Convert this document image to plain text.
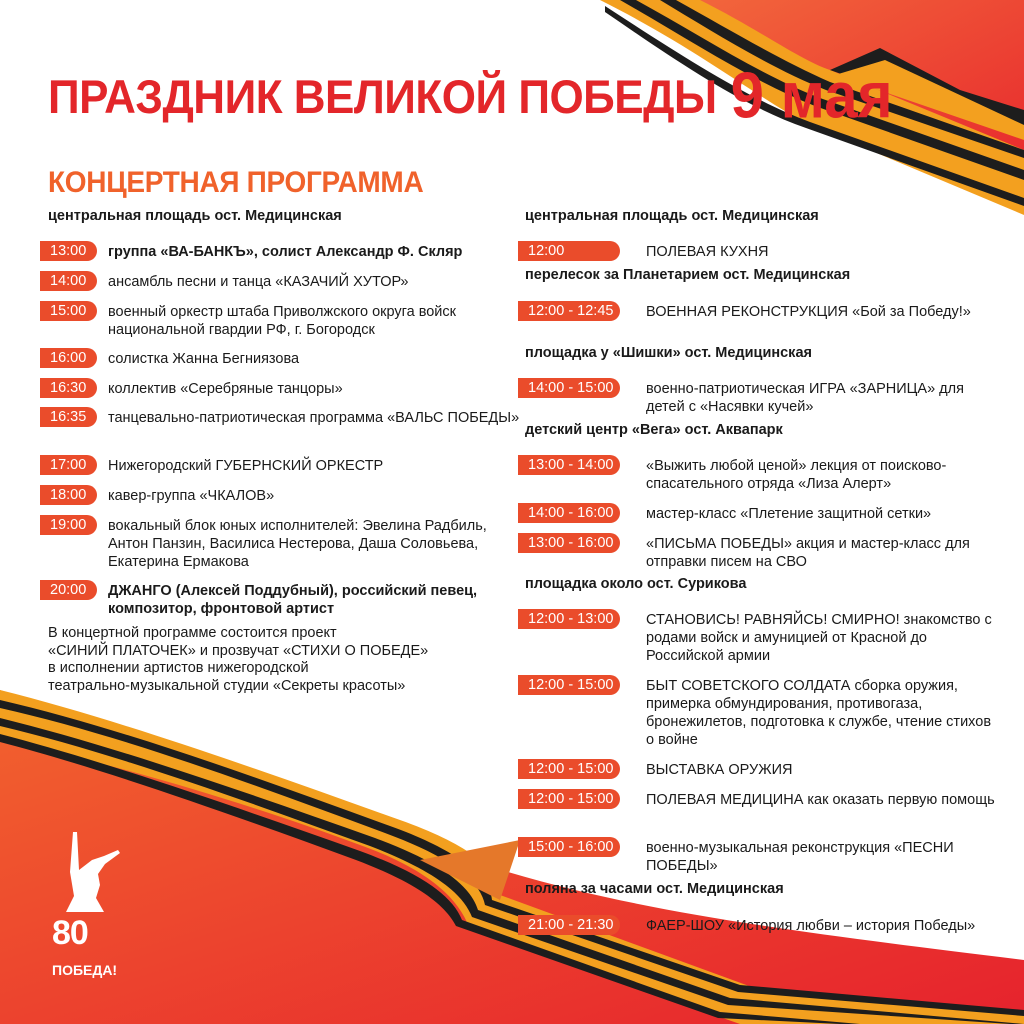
ПРАЗДНИК ВЕЛИКОЙ ПОБЕДЫ 9 мая
КОНЦЕРТНАЯ ПРОГРАММА
центральная площадь ост. Медицинская
13:00	группа «ВА-БАНКЪ», солист Александр Ф. Скляр
14:00	ансамбль песни и танца «КАЗАЧИЙ ХУТОР»
15:00	военный оркестр штаба Приволжского округа войск национальной гвардии РФ, г. Богородск
16:00	солистка Жанна Бегниязова
16:30	коллектив «Серебряные танцоры»
16:35	танцевально-патриотическая программа «ВАЛЬС ПОБЕДЫ»
17:00	Нижегородский ГУБЕРНСКИЙ ОРКЕСТР
18:00	кавер-группа «ЧКАЛОВ»
19:00	вокальный блок юных исполнителей: Эвелина Радбиль, Антон Панзин, Василиса Нестерова, Даша Соловьева, Екатерина Ермакова
20:00	ДЖАНГО (Алексей Поддубный), российский певец, композитор, фронтовой артист
центральная площадь ост. Медицинская
12:00	ПОЛЕВАЯ КУХНЯ
перелесок за Планетарием ост. Медицинская
12:00 - 12:45	ВОЕННАЯ РЕКОНСТРУКЦИЯ «Бой за Победу!»
площадка у «Шишки» ост. Медицинская
14:00 - 15:00	военно-патриотическая ИГРА «ЗАРНИЦА» для детей с «Насявки кучей»
детский центр «Вега» ост. Аквапарк
13:00 - 14:00	«Выжить любой ценой» лекция от поисково-спасательного отряда «Лиза Алерт»
14:00 - 16:00	мастер-класс «Плетение защитной сетки»
13:00 - 16:00	«ПИСЬМА ПОБЕДЫ» акция и мастер-класс для отправки писем на СВО
площадка около ост. Сурикова
12:00 - 13:00	СТАНОВИСЬ! РАВНЯЙСЬ! СМИРНО! знакомство с родами войск и амуницией от Красной до Российской армии
12:00 - 15:00	БЫТ СОВЕТСКОГО СОЛДАТА сборка оружия, примерка обмундирования, противогаза, бронежилетов, подготовка к службе, чтение стихов о войне
12:00 - 15:00	ВЫСТАВКА ОРУЖИЯ
12:00 - 15:00	ПОЛЕВАЯ МЕДИЦИНА как оказать первую помощь
15:00 - 16:00	военно-музыкальная реконструкция «ПЕСНИ ПОБЕДЫ»
поляна за часами ост. Медицинская
21:00 - 21:30	ФАЕР-ШОУ «История любви – история Победы»
В концертной программе состоится проект
«СИНИЙ ПЛАТОЧЕК» и прозвучат «СТИХИ О ПОБЕДЕ»
в исполнении артистов нижегородской
театрально-музыкальной студии «Секреты красоты»
80
ПОБЕДА!
